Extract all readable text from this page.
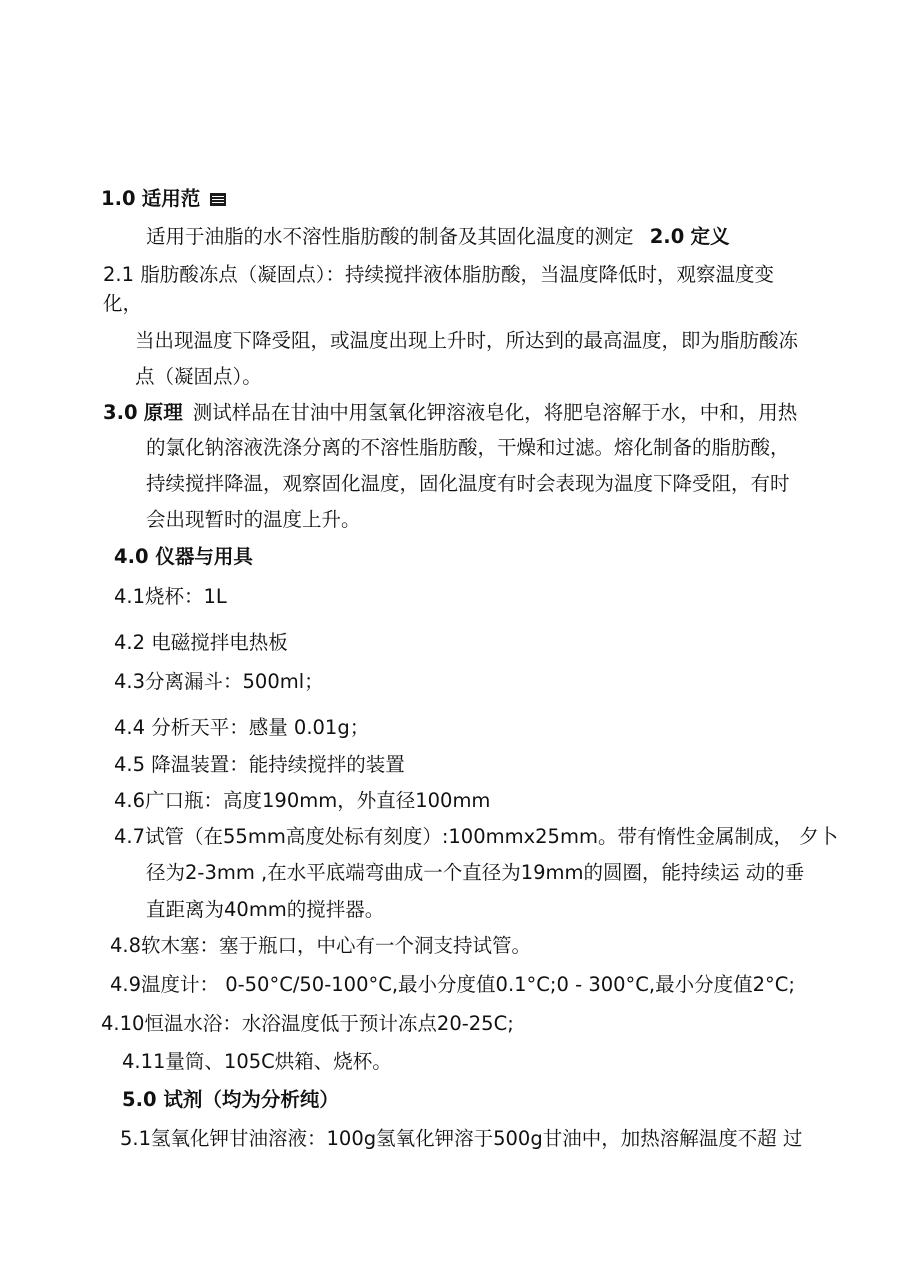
1.0 适用范
适用于油脂的水不溶性脂肪酸的制备及其固化温度的测定 2.0 定义
2.1 脂肪酸冻点（凝固点）：持续搅拌液体脂肪酸，当温度降低时，观察温度变
化，
当出现温度下降受阻，或温度出现上升时，所达到的最高温度，即为脂肪酸冻
点（凝固点）。
3.0 原理 测试样品在甘油中用氢氧化钾溶液皂化，将肥皂溶解于水，中和，用热
的氯化钠溶液洗涤分离的不溶性脂肪酸，干燥和过滤。熔化制备的脂肪酸，
持续搅拌降温，观察固化温度，固化温度有时会表现为温度下降受阻，有时
会出现暂时的温度上升。
4.0 仪器与用具
4.1烧杯：1L
4.2 电磁搅拌电热板
4.3分离漏斗：500ml；
4.4 分析天平：感量 0.01g；
4.5 降温装置：能持续搅拌的装置
4.6广口瓶：高度190mm，外直径100mm
4.7试管（在55mm高度处标有刻度）:100mmx25mm。带有惰性金属制成， 夕卜
径为2-3mm ,在水平底端弯曲成一个直径为19mm的圆圈，能持续运 动的垂
直距离为40mm的搅拌器。
4.8软木塞：塞于瓶口，中心有一个洞支持试管。
4.9温度计： 0-50°C/50-100°C,最小分度值0.1°C;0 - 300°C,最小分度值2°C;
4.10恒温水浴：水浴温度低于预计冻点20-25C;
4.11量筒、105C烘箱、烧杯。
5.0 试剂（均为分析纯）
5.1氢氧化钾甘油溶液：100g氢氧化钾溶于500g甘油中，加热溶解温度不超 过
